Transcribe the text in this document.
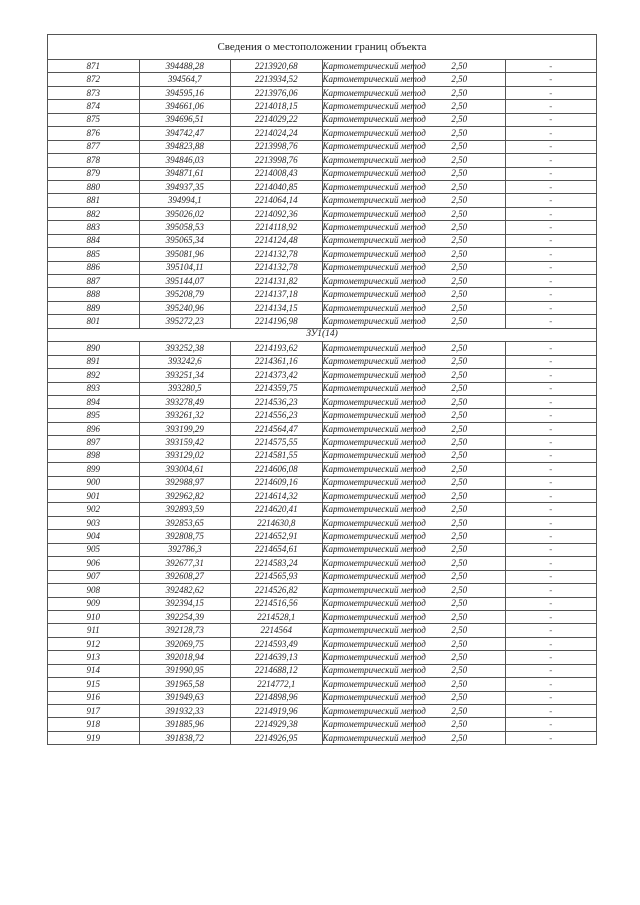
Сведения о местоположении границ объекта					
871	394488,28	2213920,68	Картометрический метод	2,50	-
872	394564,7	2213934,52	Картометрический метод	2,50	-
873	394595,16	2213976,06	Картометрический метод	2,50	-
874	394661,06	2214018,15	Картометрический метод	2,50	-
875	394696,51	2214029,22	Картометрический метод	2,50	-
876	394742,47	2214024,24	Картометрический метод	2,50	-
877	394823,88	2213998,76	Картометрический метод	2,50	-
878	394846,03	2213998,76	Картометрический метод	2,50	-
879	394871,61	2214008,43	Картометрический метод	2,50	-
880	394937,35	2214040,85	Картометрический метод	2,50	-
881	394994,1	2214064,14	Картометрический метод	2,50	-
882	395026,02	2214092,36	Картометрический метод	2,50	-
883	395058,53	2214118,92	Картометрический метод	2,50	-
884	395065,34	2214124,48	Картометрический метод	2,50	-
885	395081,96	2214132,78	Картометрический метод	2,50	-
886	395104,11	2214132,78	Картометрический метод	2,50	-
887	395144,07	2214131,82	Картометрический метод	2,50	-
888	395208,79	2214137,18	Картометрический метод	2,50	-
889	395240,96	2214134,15	Картометрический метод	2,50	-
801	395272,23	2214196,98	Картометрический метод	2,50	-
ЗУ1(14)					
890	393252,38	2214193,62	Картометрический метод	2,50	-
891	393242,6	2214361,16	Картометрический метод	2,50	-
892	393251,34	2214373,42	Картометрический метод	2,50	-
893	393280,5	2214359,75	Картометрический метод	2,50	-
894	393278,49	2214536,23	Картометрический метод	2,50	-
895	393261,32	2214556,23	Картометрический метод	2,50	-
896	393199,29	2214564,47	Картометрический метод	2,50	-
897	393159,42	2214575,55	Картометрический метод	2,50	-
898	393129,02	2214581,55	Картометрический метод	2,50	-
899	393004,61	2214606,08	Картометрический метод	2,50	-
900	392988,97	2214609,16	Картометрический метод	2,50	-
901	392962,82	2214614,32	Картометрический метод	2,50	-
902	392893,59	2214620,41	Картометрический метод	2,50	-
903	392853,65	2214630,8	Картометрический метод	2,50	-
904	392808,75	2214652,91	Картометрический метод	2,50	-
905	392786,3	2214654,61	Картометрический метод	2,50	-
906	392677,31	2214583,24	Картометрический метод	2,50	-
907	392608,27	2214565,93	Картометрический метод	2,50	-
908	392482,62	2214526,82	Картометрический метод	2,50	-
909	392394,15	2214516,56	Картометрический метод	2,50	-
910	392254,39	2214528,1	Картометрический метод	2,50	-
911	392128,73	2214564	Картометрический метод	2,50	-
912	392069,75	2214593,49	Картометрический метод	2,50	-
913	392018,94	2214639,13	Картометрический метод	2,50	-
914	391990,95	2214688,12	Картометрический метод	2,50	-
915	391965,58	2214772,1	Картометрический метод	2,50	-
916	391949,63	2214898,96	Картометрический метод	2,50	-
917	391932,33	2214919,96	Картометрический метод	2,50	-
918	391885,96	2214929,38	Картометрический метод	2,50	-
919	391838,72	2214926,95	Картометрический метод	2,50	-
